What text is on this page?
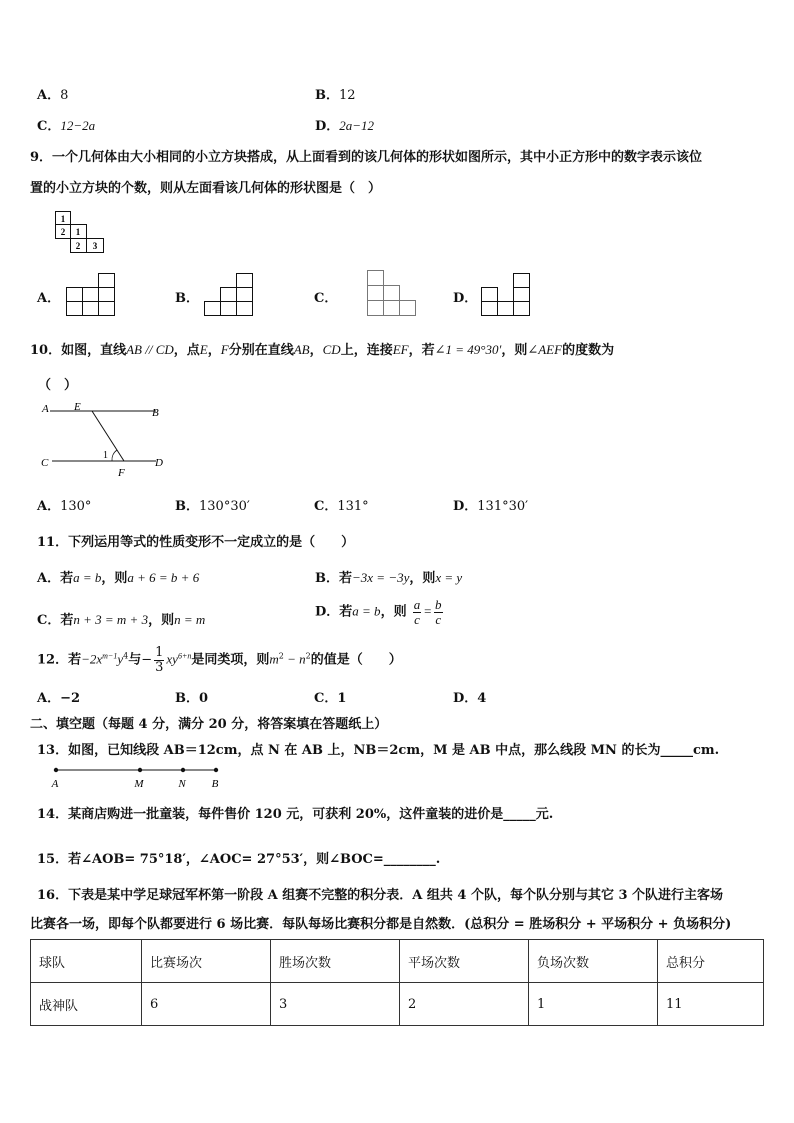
A．8	B．12
C．12−2a	D．2a−12
9．一个几何体由大小相同的小立方块搭成，从上面看到的该几何体的形状如图所示，其中小正方形中的数字表示该位
置的小立方块的个数，则从左面看该几何体的形状图是（　）
1
2 1
2 3
A．	B．	C．	D．
10．如图，直线AB // CD，点E，F分别在直线AB，CD上，连接EF，若∠1 = 49°30′，则∠AEF的度数为
（　）
A E	B
C	D
F
1
A．130°	B．130°30′	C．131°	D．131°30′
11．下列运用等式的性质变形不一定成立的是（　　）
A．若a = b，则a + 6 = b + 6	B．若−3x = −3y，则x = y
C．若n + 3 = m + 3，则n = m	D．若a = b，则 $\frac{a}{c} = \frac{b}{c}$
12．若$-2x^{m-1}y^4$与− $\frac{1}{3} xy^{6+n}$是同类项，则$m^2 - n^2$的值是（　　）
A．−2	B．0	C．1	D．4
二、填空题（每题 4 分，满分 20 分，将答案填在答题纸上）
13．如图，已知线段 AB＝12cm，点 N 在 AB 上，NB＝2cm，M 是 AB 中点，那么线段 MN 的长为_____cm.
A	M	N B
14．某商店购进一批童装，每件售价 120 元，可获利 20%，这件童装的进价是_____元.
15．若∠AOB= 75°18′，∠AOC= 27°53′，则∠BOC=________.
16．下表是某中学足球冠军杯第一阶段 A 组赛不完整的积分表．A 组共 4 个队，每个队分别与其它 3 个队进行主客场
比赛各一场，即每个队都要进行 6 场比赛．每队每场比赛积分都是自然数．(总积分 = 胜场积分 + 平场积分 + 负场积分)
球队	比赛场次	胜场次数	平场次数	负场次数	总积分
战神队	6	3	2	1	11
